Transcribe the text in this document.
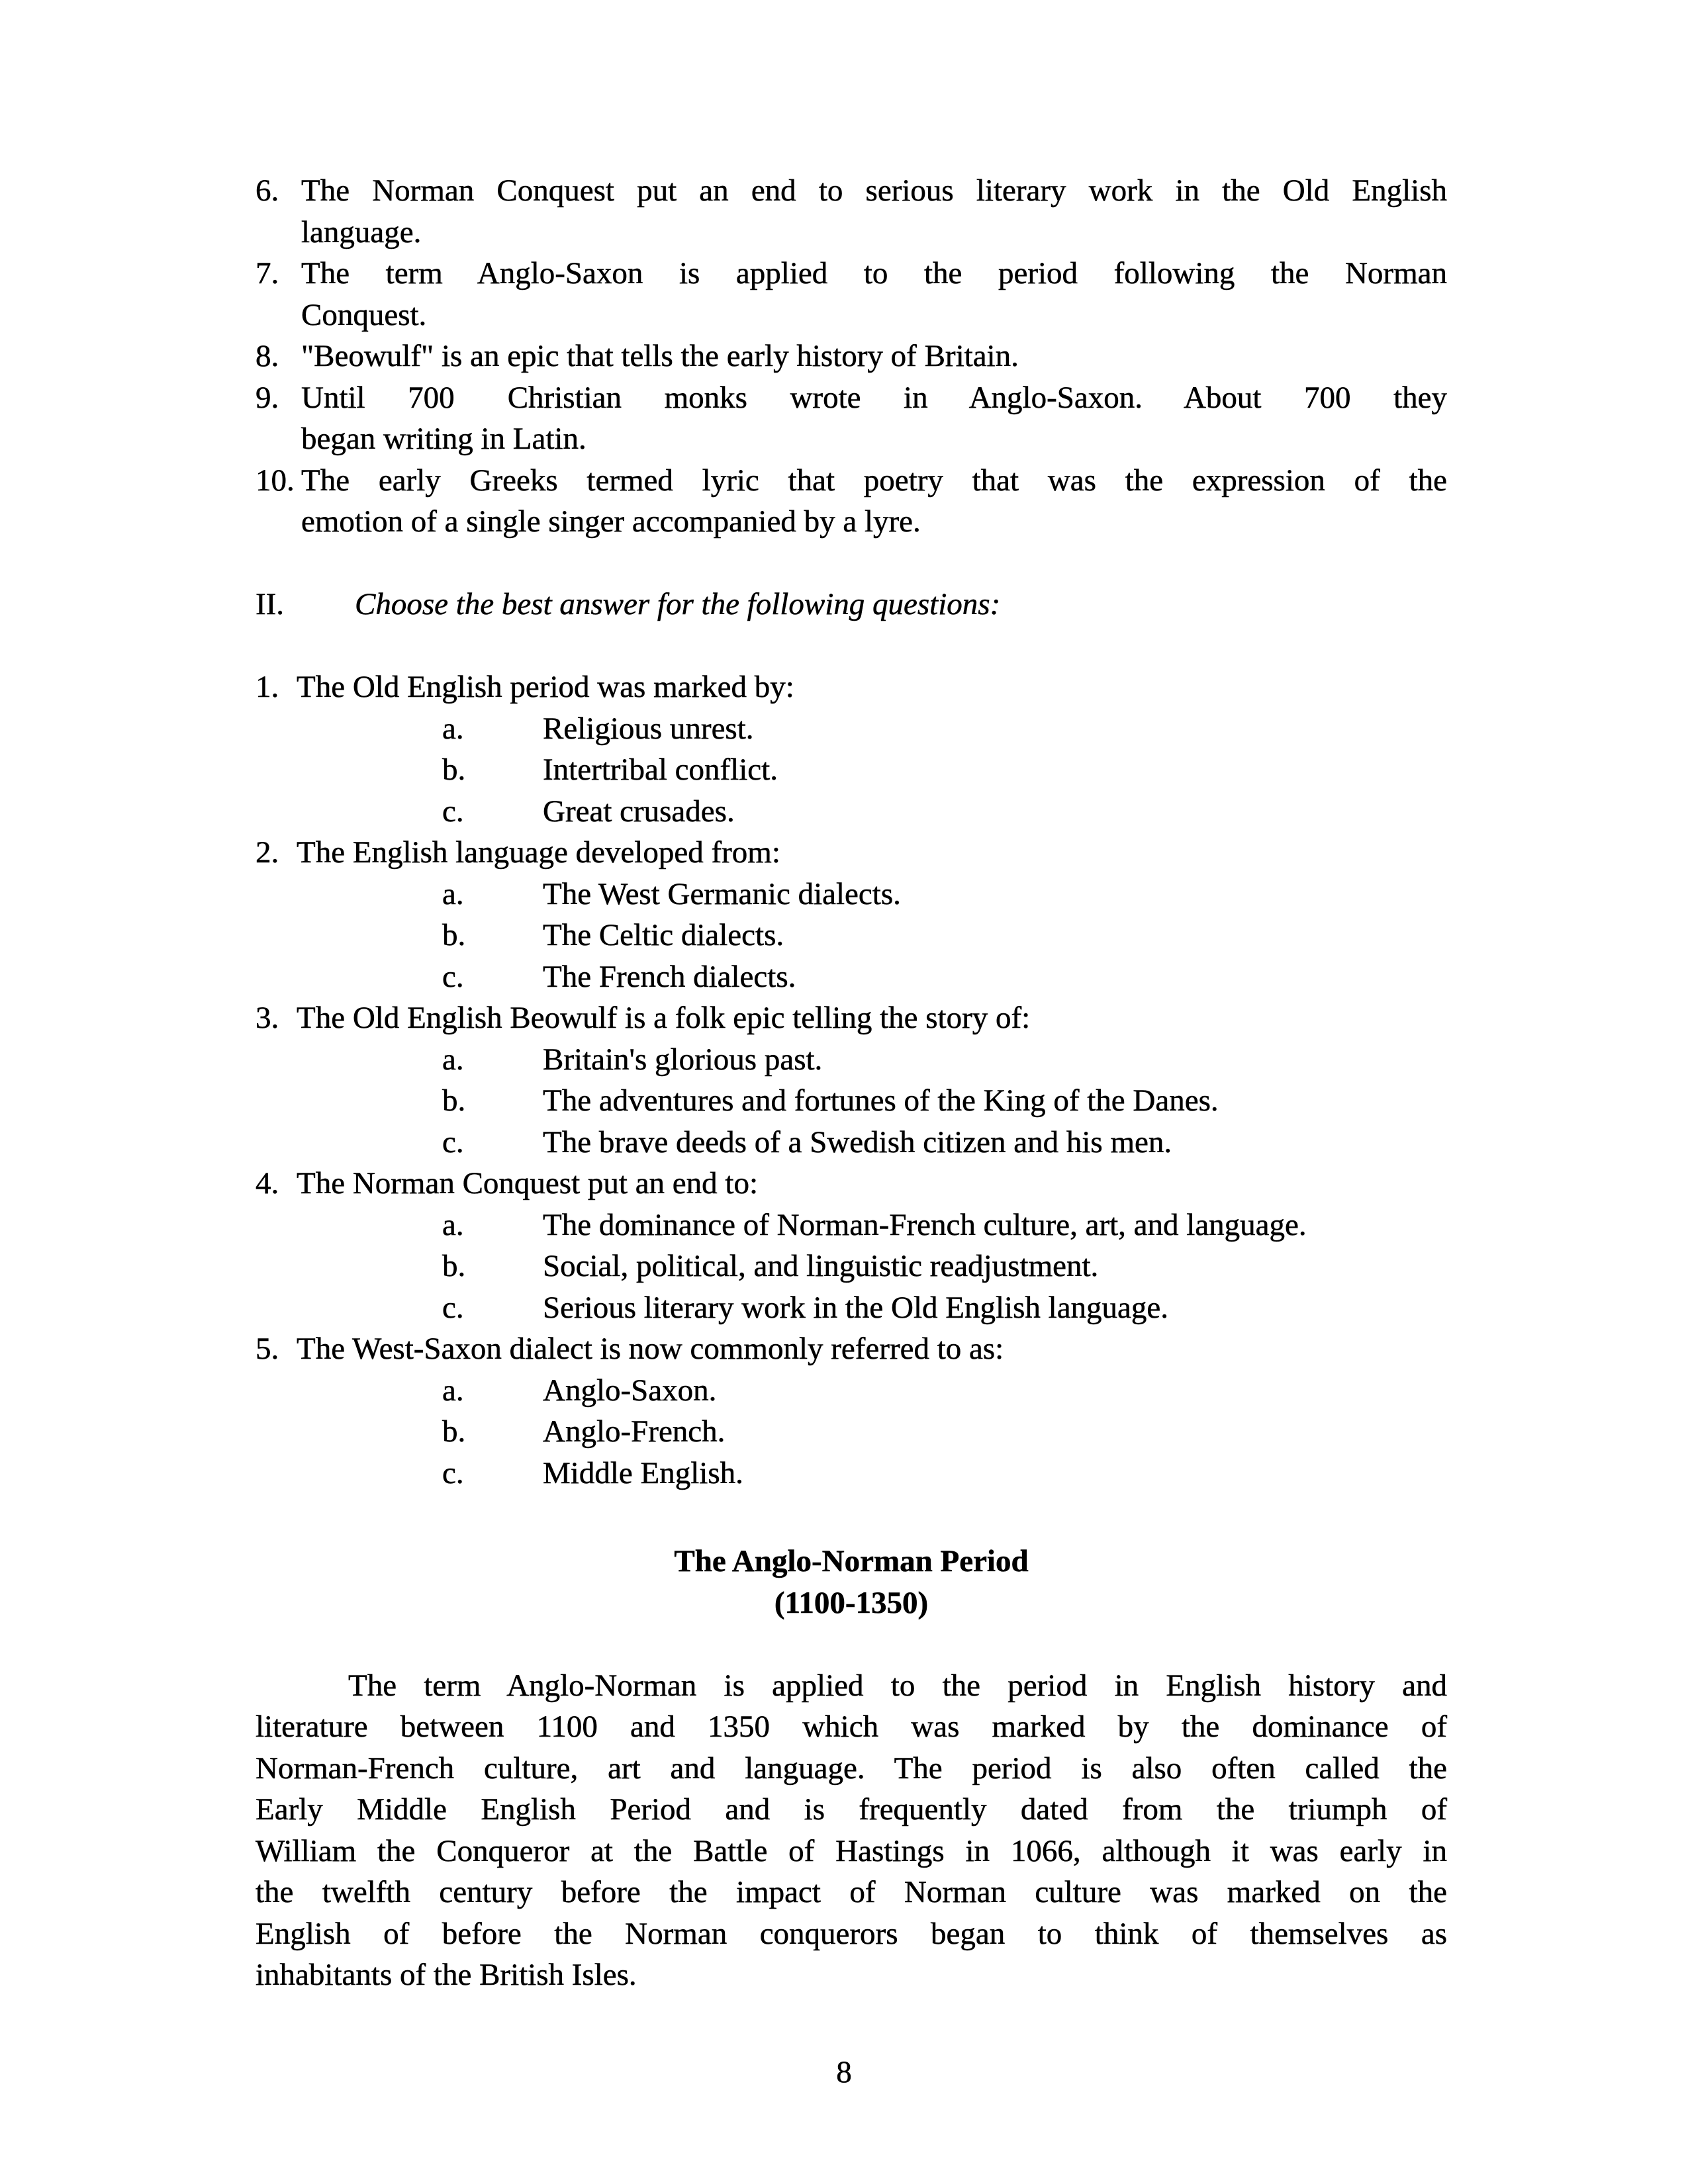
6. The Norman Conquest put an end to serious literary work in the Old English
language.
7. The term Anglo-Saxon is applied to the period following the Norman
Conquest.
8. "Beowulf" is an epic that tells the early history of Britain.
9. Until 700 Christian monks wrote in Anglo-Saxon. About 700 they
began writing in Latin.
10. The early Greeks termed lyric that poetry that was the expression of the
emotion of a single singer accompanied by a lyre.
II. Choose the best answer for the following questions:
1. The Old English period was marked by:
a.	Religious unrest.
b. Intertribal conflict.
c.	Great crusades.
2. The English language developed from:
a.	The West Germanic dialects.
b. The Celtic dialects.
c.	The French dialects.
3. The Old English Beowulf is a folk epic telling the story of:
a.	Britain's glorious past.
b. The adventures and fortunes of the King of the Danes.
c.	The brave deeds of a Swedish citizen and his men.
4. The Norman Conquest put an end to:
a.	The dominance of Norman-French culture, art, and language.
b. Social, political, and linguistic readjustment.
c.	Serious literary work in the Old English language.
5. The West-Saxon dialect is now commonly referred to as:
a.	Anglo-Saxon.
b. Anglo-French.
c.	Middle English.
The Anglo-Norman Period
(1100-1350)
The term Anglo-Norman is applied to the period in English history and
literature between 1100 and 1350 which was marked by the dominance of
Norman-French culture, art and language. The period is also often called the
Early Middle English Period and is frequently dated from the triumph of
William the Conqueror at the Battle of Hastings in 1066, although it was early in
the twelfth century before the impact of Norman culture was marked on the
English of before the Norman conquerors began to think of themselves as
inhabitants of the British Isles.
8
